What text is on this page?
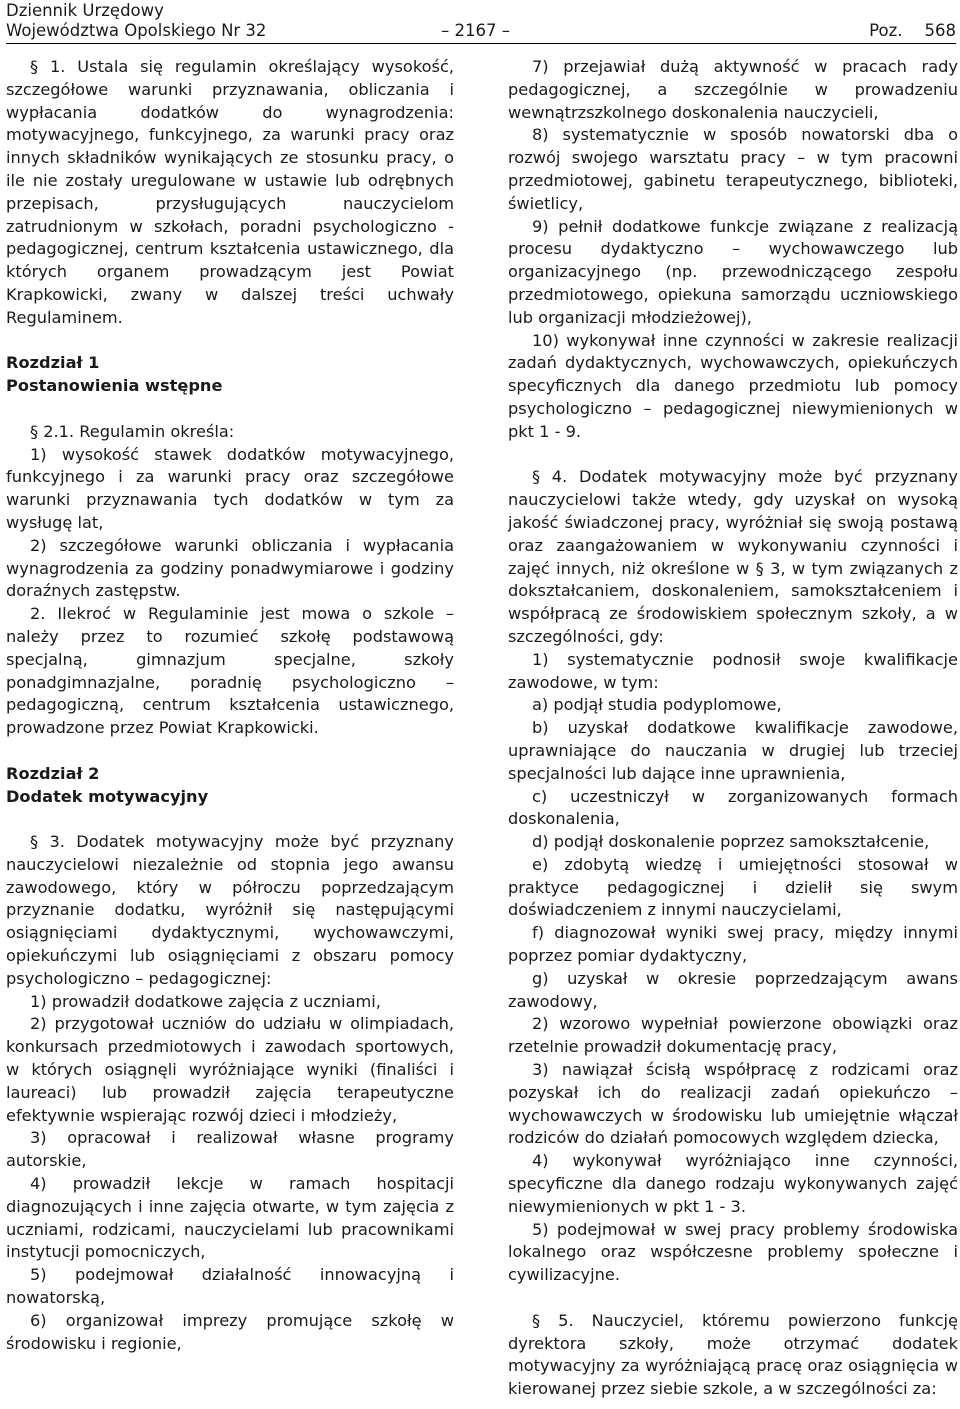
Dziennik Urzędowy
Województwa Opolskiego Nr 32	– 2167 –	Poz. 568

§ 1. Ustala się regulamin określający wysokość, szczegółowe warunki przyznawania, obliczania i wypłacania dodatków do wynagrodzenia: motywacyjnego, funkcyjnego, za warunki pracy oraz innych składników wynikających ze stosunku pracy, o ile nie zostały uregulowane w ustawie lub odrębnych przepisach, przysługujących nauczycielom zatrudnionym w szkołach, poradni psychologiczno - pedagogicznej, centrum kształcenia ustawicznego, dla których organem prowadzącym jest Powiat Krapkowicki, zwany w dalszej treści uchwały Regulaminem.

Rozdział 1

Postanowienia wstępne

§ 2.1. Regulamin określa:

1) wysokość stawek dodatków motywacyjnego, funkcyjnego i za warunki pracy oraz szczegółowe warunki przyznawania tych dodatków w tym za wysługę lat,

2) szczegółowe warunki obliczania i wypłacania wynagrodzenia za godziny ponadwymiarowe i godziny doraźnych zastępstw.

2. Ilekroć w Regulaminie jest mowa o szkole – należy przez to rozumieć szkołę podstawową specjalną, gimnazjum specjalne, szkoły ponadgimnazjalne, poradnię psychologiczno – pedagogiczną, centrum kształcenia ustawicznego, prowadzone przez Powiat Krapkowicki.

Rozdział 2

Dodatek motywacyjny

§ 3. Dodatek motywacyjny może być przyznany nauczycielowi niezależnie od stopnia jego awansu zawodowego, który w półroczu poprzedzającym przyznanie dodatku, wyróżnił się następującymi osiągnięciami dydaktycznymi, wychowawczymi, opiekuńczymi lub osiągnięciami z obszaru pomocy psychologiczno – pedagogicznej:

1) prowadził dodatkowe zajęcia z uczniami,

2) przygotował uczniów do udziału w olimpiadach, konkursach przedmiotowych i zawodach sportowych, w których osiągnęli wyróżniające wyniki (finaliści i laureaci) lub prowadził zajęcia terapeutyczne efektywnie wspierając rozwój dzieci i młodzieży,

3) opracował i realizował własne programy autorskie,

4) prowadził lekcje w ramach hospitacji diagnozujących i inne zajęcia otwarte, w tym zajęcia z uczniami, rodzicami, nauczycielami lub pracownikami instytucji pomocniczych,

5) podejmował działalność innowacyjną i nowatorską,

6) organizował imprezy promujące szkołę w środowisku i regionie,

7) przejawiał dużą aktywność w pracach rady pedagogicznej, a szczególnie w prowadzeniu wewnątrzszkolnego doskonalenia nauczycieli,

8) systematycznie w sposób nowatorski dba o rozwój swojego warsztatu pracy – w tym pracowni przedmiotowej, gabinetu terapeutycznego, biblioteki, świetlicy,

9) pełnił dodatkowe funkcje związane z realizacją procesu dydaktyczno – wychowawczego lub organizacyjnego (np. przewodniczącego zespołu przedmiotowego, opiekuna samorządu uczniowskiego lub organizacji młodzieżowej),

10) wykonywał inne czynności w zakresie realizacji zadań dydaktycznych, wychowawczych, opiekuńczych specyficznych dla danego przedmiotu lub pomocy psychologiczno – pedagogicznej niewymienionych w pkt 1 - 9.

§ 4. Dodatek motywacyjny może być przyznany nauczycielowi także wtedy, gdy uzyskał on wysoką jakość świadczonej pracy, wyróżniał się swoją postawą oraz zaangażowaniem w wykonywaniu czynności i zajęć innych, niż określone w § 3, w tym związanych z dokształcaniem, doskonaleniem, samokształceniem i współpracą ze środowiskiem społecznym szkoły, a w szczególności, gdy:

1) systematycznie podnosił swoje kwalifikacje zawodowe, w tym:

a) podjął studia podyplomowe,

b) uzyskał dodatkowe kwalifikacje zawodowe, uprawniające do nauczania w drugiej lub trzeciej specjalności lub dające inne uprawnienia,

c) uczestniczył w zorganizowanych formach doskonalenia,

d) podjął doskonalenie poprzez samokształcenie,

e) zdobytą wiedzę i umiejętności stosował w praktyce pedagogicznej i dzielił się swym doświadczeniem z innymi nauczycielami,

f) diagnozował wyniki swej pracy, między innymi poprzez pomiar dydaktyczny,

g) uzyskał w okresie poprzedzającym awans zawodowy,

2) wzorowo wypełniał powierzone obowiązki oraz rzetelnie prowadził dokumentację pracy,

3) nawiązał ścisłą współpracę z rodzicami oraz pozyskał ich do realizacji zadań opiekuńczo – wychowawczych w środowisku lub umiejętnie włączał rodziców do działań pomocowych względem dziecka,

4) wykonywał wyróżniająco inne czynności, specyficzne dla danego rodzaju wykonywanych zajęć niewymienionych w pkt 1 - 3.

5) podejmował w swej pracy problemy środowiska lokalnego oraz współczesne problemy społeczne i cywilizacyjne.

§ 5. Nauczyciel, któremu powierzono funkcję dyrektora szkoły, może otrzymać dodatek motywacyjny za wyróżniającą pracę oraz osiągnięcia w kierowanej przez siebie szkole, a w szczególności za:
